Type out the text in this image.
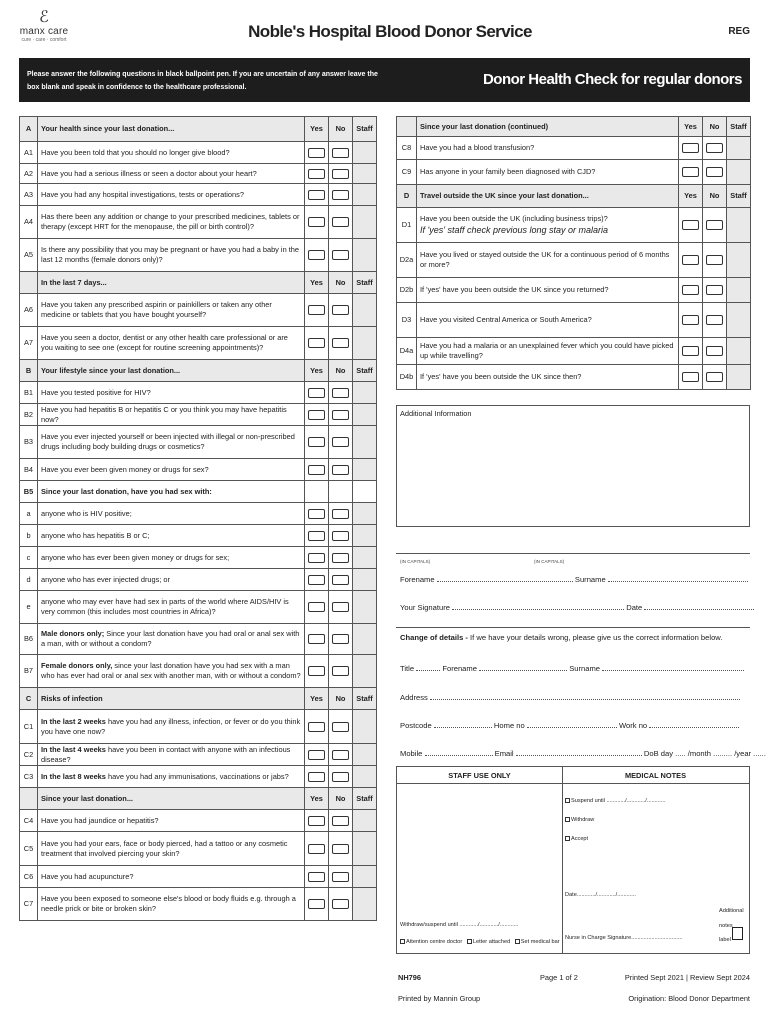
ℰ
manx care
cure · care · comfort	Noble's Hospital Blood Donor Service	REG
Please answer the following questions in black ballpoint pen. If you are uncertain of any answer leave the box blank and speak in confidence to the healthcare professional.	Donor Health Check for regular donors
A	Your health since your last donation...	Yes	No	Staff
A1	Have you been told that you should no longer give blood?			
A2	Have you had a serious illness or seen a doctor about your heart?			
A3	Have you had any hospital investigations, tests or operations?			
A4	Has there been any addition or change to your prescribed medicines, tablets or therapy (except HRT for the menopause, the pill or birth control)?			
A5	Is there any possibility that you may be pregnant or have you had a baby in the last 12 months (female donors only)?			
	In the last 7 days...	Yes	No	Staff
A6	Have you taken any prescribed aspirin or painkillers or taken any other medicine or tablets that you have bought yourself?			
A7	Have you seen a doctor, dentist or any other health care professional or are you waiting to see one (except for routine screening appointments)?			
B	Your lifestyle since your last donation...	Yes	No	Staff
B1	Have you tested positive for HIV?			
B2	Have you had hepatitis B or hepatitis C or you think you may have hepatitis now?			
B3	Have you ever injected yourself or been injected with illegal or non-prescribed drugs including body building drugs or cosmetics?			
B4	Have you ever been given money or drugs for sex?			
B5	Since your last donation, have you had sex with:			
a	anyone who is HIV positive;			
b	anyone who has hepatitis B or C;			
c	anyone who has ever been given money or drugs for sex;			
d	anyone who has ever injected drugs; or			
e	anyone who may ever have had sex in parts of the world where AIDS/HIV is very common (this includes most countries in Africa)?			
B6	Male donors only; Since your last donation have you had oral or anal sex with a man, with or without a condom?			
B7	Female donors only, since your last donation have you had sex with a man who has ever had oral or anal sex with another man, with or without a condom?			
C	Risks of infection	Yes	No	Staff
C1	In the last 2 weeks have you had any illness, infection, or fever or do you think you have one now?			
C2	In the last 4 weeks have you been in contact with anyone with an infectious disease?			
C3	In the last 8 weeks have you had any immunisations, vaccinations or jabs?			
	Since your last donation...	Yes	No	Staff
C4	Have you had jaundice or hepatitis?			
C5	Have you had your ears, face or body pierced, had a tattoo or any cosmetic treatment that involved piercing your skin?			
C6	Have you had acupuncture?			
C7	Have you been exposed to someone else's blood or body fluids e.g. through a needle prick or bite or broken skin?			
	Since your last donation (continued)	Yes	No	Staff
C8	Have you had a blood transfusion?			
C9	Has anyone in your family been diagnosed with CJD?			
D	Travel outside the UK since your last donation...	Yes	No	Staff
D1	Have you been outside the UK (including business trips)?
If 'yes' staff check previous long stay or malaria			

D2a	Have you lived or stayed outside the UK for a continuous period of 6 months or more?			
D2b	If 'yes' have you been outside the UK since you returned?			
D3	Have you visited Central America or South America?			
D4a	Have you had a malaria or an unexplained fever which you could have picked up while travelling?			
D4b	If 'yes' have you been outside the UK since then?			
Additional Information
(IN CAPITALS)	(IN CAPITALS)
Forename	Surname
Your Signature	Date
Change of details - If we have your details wrong, please give us the correct information below.
Title	Forename	Surname
Address
Postcode	Home no	Work no
Mobile	Email	DoB day ..... /month ......... /year ......
STAFF USE ONLY	MEDICAL NOTES
Suspend until ............/............/............
Withdraw
Accept
Date............/............/............
Withdraw/suspend until ............/............/............
Attention centre doctor Letter attached Set medical bar
Nurse in Charge Signature.................................
Additional
notes
label
NH796	Page 1 of 2	Printed Sept 2021 | Review Sept 2024
Printed by Mannin Group	Origination: Blood Donor Department
